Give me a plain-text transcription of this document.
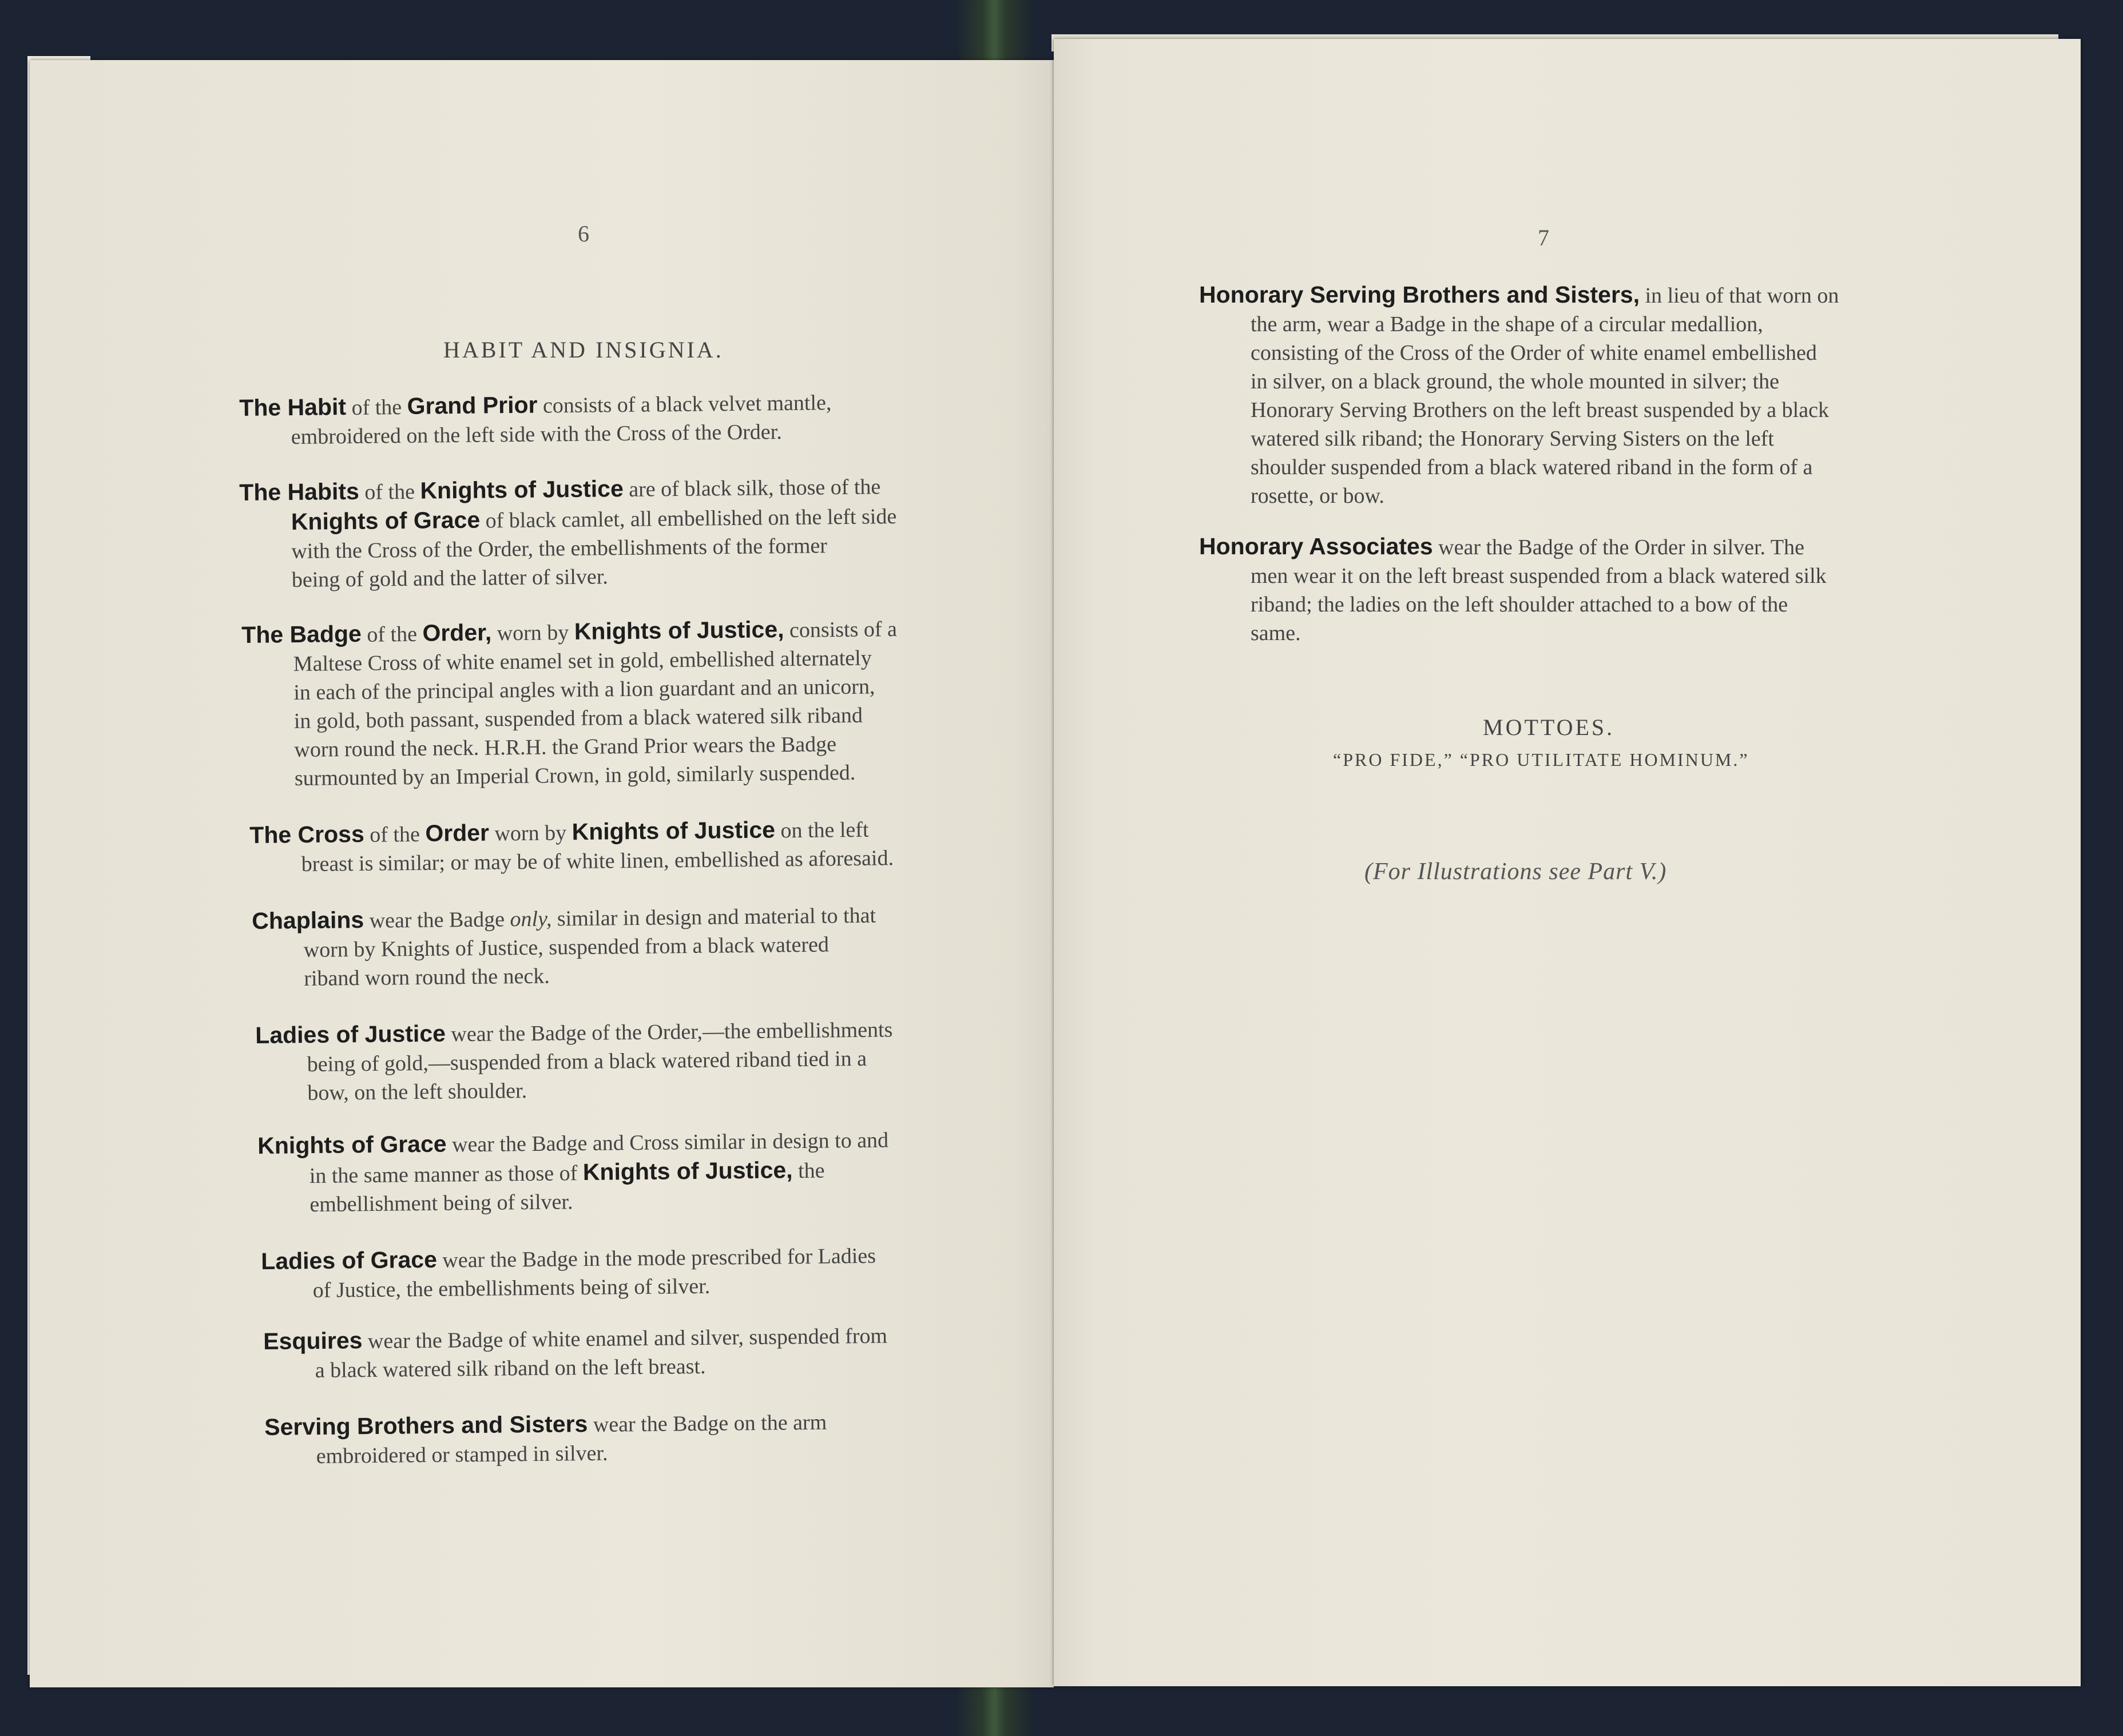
6
HABIT AND INSIGNIA.
The Habit of the Grand Prior consists of a black velvet mantle,
embroidered on the left side with the Cross of the Order.
The Habits of the Knights of Justice are of black silk, those of the
Knights of Grace of black camlet, all embellished on the left side
with the Cross of the Order, the embellishments of the former
being of gold and the latter of silver.
The Badge of the Order, worn by Knights of Justice, consists of a
Maltese Cross of white enamel set in gold, embellished alternately
in each of the principal angles with a lion guardant and an unicorn,
in gold, both passant, suspended from a black watered silk riband
worn round the neck. H.R.H. the Grand Prior wears the Badge
surmounted by an Imperial Crown, in gold, similarly suspended.
The Cross of the Order worn by Knights of Justice on the left
breast is similar; or may be of white linen, embellished as aforesaid.
Chaplains wear the Badge only, similar in design and material to that
worn by Knights of Justice, suspended from a black watered
riband worn round the neck.
Ladies of Justice wear the Badge of the Order,—the embellishments
being of gold,—suspended from a black watered riband tied in a
bow, on the left shoulder.
Knights of Grace wear the Badge and Cross similar in design to and
in the same manner as those of Knights of Justice, the
embellishment being of silver.
Ladies of Grace wear the Badge in the mode prescribed for Ladies
of Justice, the embellishments being of silver.
Esquires wear the Badge of white enamel and silver, suspended from
a black watered silk riband on the left breast.
Serving Brothers and Sisters wear the Badge on the arm
embroidered or stamped in silver.
7
Honorary Serving Brothers and Sisters, in lieu of that worn on
the arm, wear a Badge in the shape of a circular medallion,
consisting of the Cross of the Order of white enamel embellished
in silver, on a black ground, the whole mounted in silver; the
Honorary Serving Brothers on the left breast suspended by a black
watered silk riband; the Honorary Serving Sisters on the left
shoulder suspended from a black watered riband in the form of a
rosette, or bow.
Honorary Associates wear the Badge of the Order in silver. The
men wear it on the left breast suspended from a black watered silk
riband; the ladies on the left shoulder attached to a bow of the
same.
MOTTOES.
“PRO FIDE,” “PRO UTILITATE HOMINUM.”
(For Illustrations see Part V.)
